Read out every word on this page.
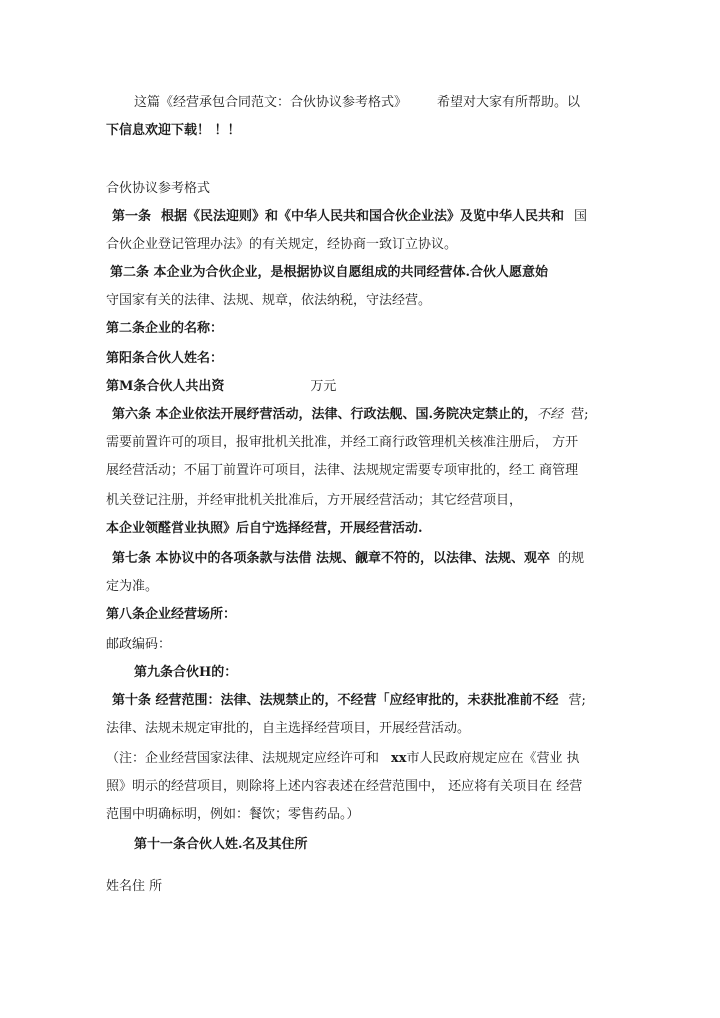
这篇《经营承包合同范文：合伙协议参考格式》 希望对大家有所帮助。以
下信息欢迎下载！ ！！
合伙协议参考格式
第一条 根据《民法迎则》和《中华人民共和国合伙企业法》及览中华人民共和 国
合伙企业登记管理办法》的有关规定，经协商一致订立协议。
第二条 本企业为合伙企业，是根据协议自愿组成的共同经营体.合伙人愿意始
守国家有关的法律、法规、规章，依法纳税，守法经营。
第二条企业的名称：
第阳条合伙人姓名：
第M条合伙人共出资	万元
第六条 本企业依法开展纾营活动，法律、行政法舰、国.务院决定禁止的，不经 营;
需要前置许可的项目，报审批机关批准，并经工商行政管理机关核准注册后， 方开
展经营活动；不届丁前置许可项目，法律、法规规定需要专项审批的，经工 商管理
机关登记注册，并经审批机关批准后，方开展经营活动；其它经营项目，
本企业领醛営业执照》后自宁选择经营，开展经营活动.
第七条 本协议中的各项条款与法借 法规、觎章不符的，以法律、法规、观卒 的规
定为准。
第八条企业经营场所：
邮政编码：
第九条合伙H的：
第十条 经营范围：法律、法规禁止的，不经营「应经审批的，未获批准前不经 营;
法律、法规未规定审批的，自主选择经营项目，开展经营活动。
（注：企业经营国家法律、法规规定应经许可和 xx市人民政府规定应在《营业 执
照》明示的经营项目，则除将上述内容表述在经营范围中， 还应将有关项目在 经营
范围中明确标明，例如：餐饮；零售药品。）
第十一条合伙人姓.名及其住所
姓名住 所
